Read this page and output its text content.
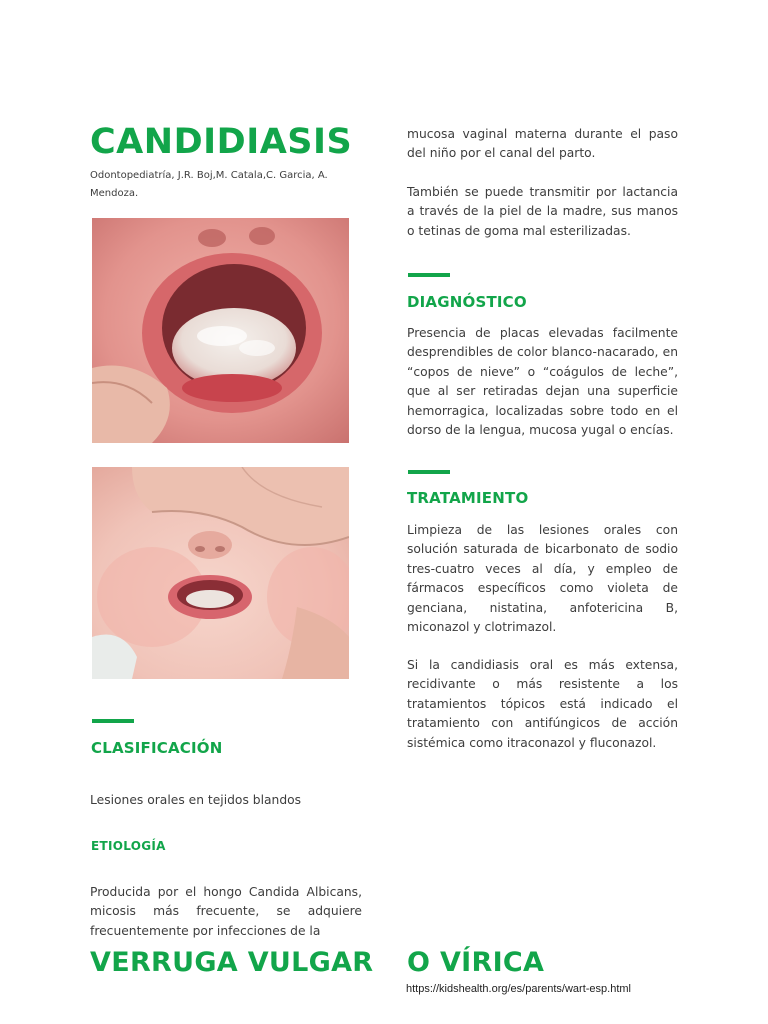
CANDIDIASIS
Odontopediatría, J.R. Boj,M. Catala,C. Garcia, A. Mendoza.
CLASIFICACIÓN

Lesiones orales en tejidos blandos

ETIOLOGÍA

Producida por el hongo Candida Albicans, micosis más frecuente, se adquiere frecuentemente por infecciones de la

mucosa vaginal materna durante el paso del niño por el canal del parto.

También se puede transmitir por lactancia a través de la piel de la madre, sus manos o tetinas de goma mal esterilizadas.

DIAGNÓSTICO

Presencia de placas elevadas facilmente desprendibles de color blanco-nacarado, en “copos de nieve” o “coágulos de leche”, que al ser retiradas dejan una superficie hemorragica, localizadas sobre todo en el dorso de la lengua, mucosa yugal o encías.

TRATAMIENTO

Limpieza de las lesiones orales con solución saturada de bicarbonato de sodio tres-cuatro veces al día, y empleo de fármacos específicos como violeta de genciana, nistatina, anfotericina B, miconazol y clotrimazol.

Si la candidiasis oral es más extensa, recidivante o más resistente a los tratamientos tópicos está indicado el tratamiento con antifúngicos de acción sistémica como itraconazol y fluconazol.

VERRUGA VULGAR O VÍRICA
https://kidshealth.org/es/parents/wart-esp.html
